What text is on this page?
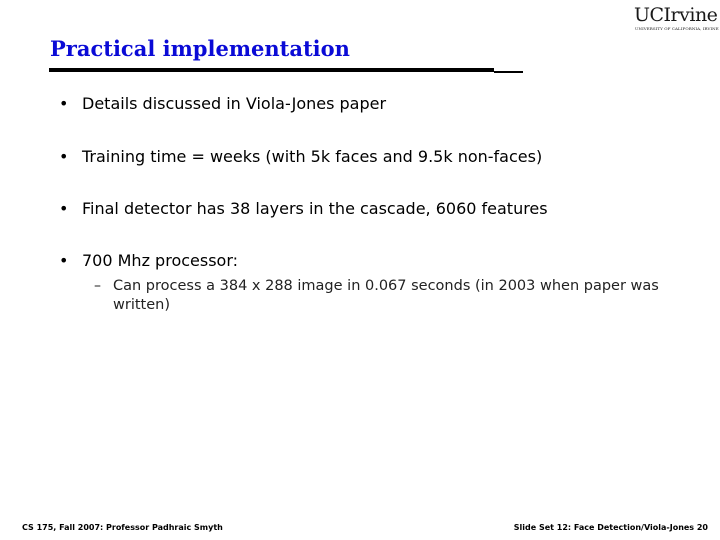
UCIrvine
UNIVERSITY OF CALIFORNIA, IRVINE
Practical implementation
• Details discussed in Viola-Jones paper
• Training time = weeks (with 5k faces and 9.5k non-faces)
• Final detector has 38 layers in the cascade, 6060 features
• 700 Mhz processor:
– Can process a 384 x 288 image in 0.067 seconds (in 2003 when paper was written)
CS 175, Fall 2007: Professor Padhraic Smyth	Slide Set 12: Face Detection/Viola-Jones 20
